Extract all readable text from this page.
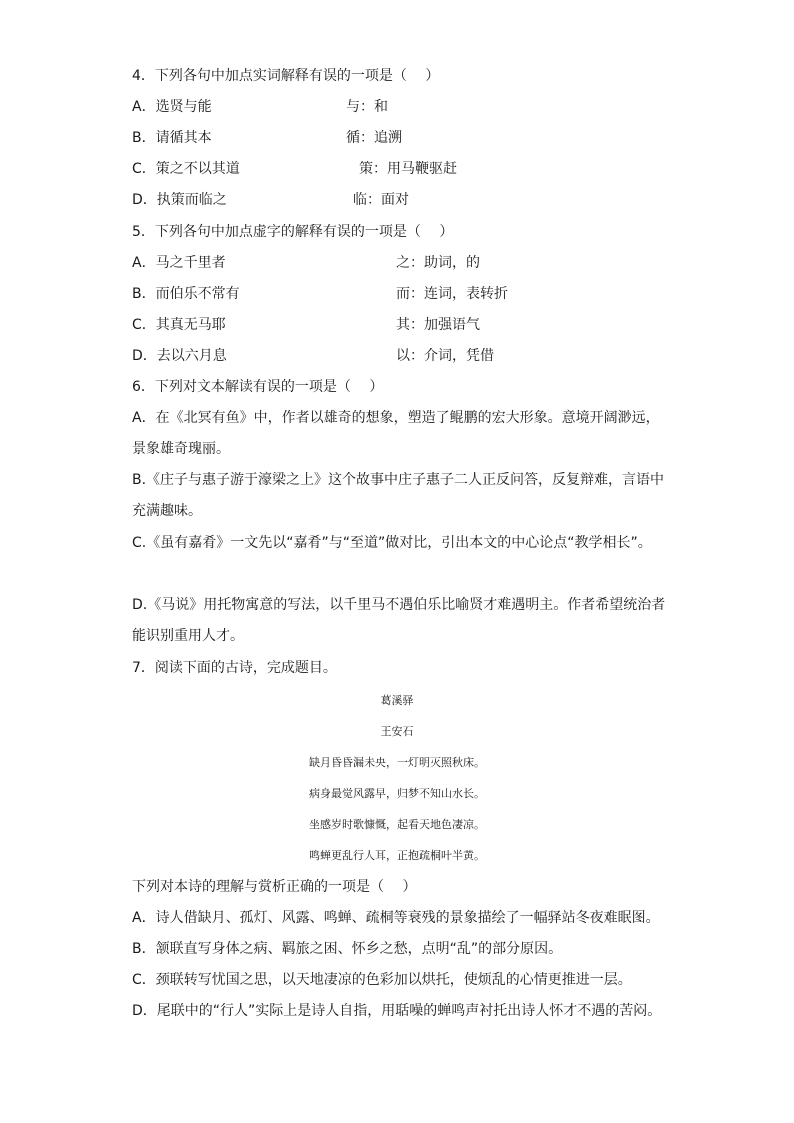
4．下列各句中加点实词解释有误的一项是（　 ）
A．选贤与能	与：和
B．请循其本	循：追溯
C．策之不以其道	策：用马鞭驱赶
D．执策而临之	临：面对
5．下列各句中加点虚字的解释有误的一项是（　 ）
A．马之千里者	之：助词，的
B．而伯乐不常有	而：连词，表转折
C．其真无马耶	其：加强语气
D．去以六月息	以：介词，凭借
6．下列对文本解读有误的一项是（　 ）
A．在《北冥有鱼》中，作者以雄奇的想象，塑造了鲲鹏的宏大形象。意境开阔渺远，景象雄奇瑰丽。
B.《庄子与惠子游于濠梁之上》这个故事中庄子惠子二人正反问答，反复辩难，言语中充满趣味。
C.《虽有嘉肴》一文先以“嘉肴”与“至道”做对比，引出本文的中心论点“教学相长”。
D.《马说》用托物寓意的写法，以千里马不遇伯乐比喻贤才难遇明主。作者希望统治者能识别重用人才。
7．阅读下面的古诗，完成题目。
葛溪驿
王安石
缺月昏昏漏未央，一灯明灭照秋床。
病身最觉风露早，归梦不知山水长。
坐感岁时歌慷慨，起看天地色凄凉。
鸣蝉更乱行人耳，正抱疏桐叶半黄。
下列对本诗的理解与赏析正确的一项是（　 ）
A．诗人借缺月、孤灯、风露、鸣蝉、疏桐等衰残的景象描绘了一幅驿站冬夜难眠图。
B．颔联直写身体之病、羁旅之困、怀乡之愁，点明“乱”的部分原因。
C．颈联转写忧国之思，以天地凄凉的色彩加以烘托，使烦乱的心情更推进一层。
D．尾联中的“行人”实际上是诗人自指，用聒噪的蝉鸣声衬托出诗人怀才不遇的苦闷。
